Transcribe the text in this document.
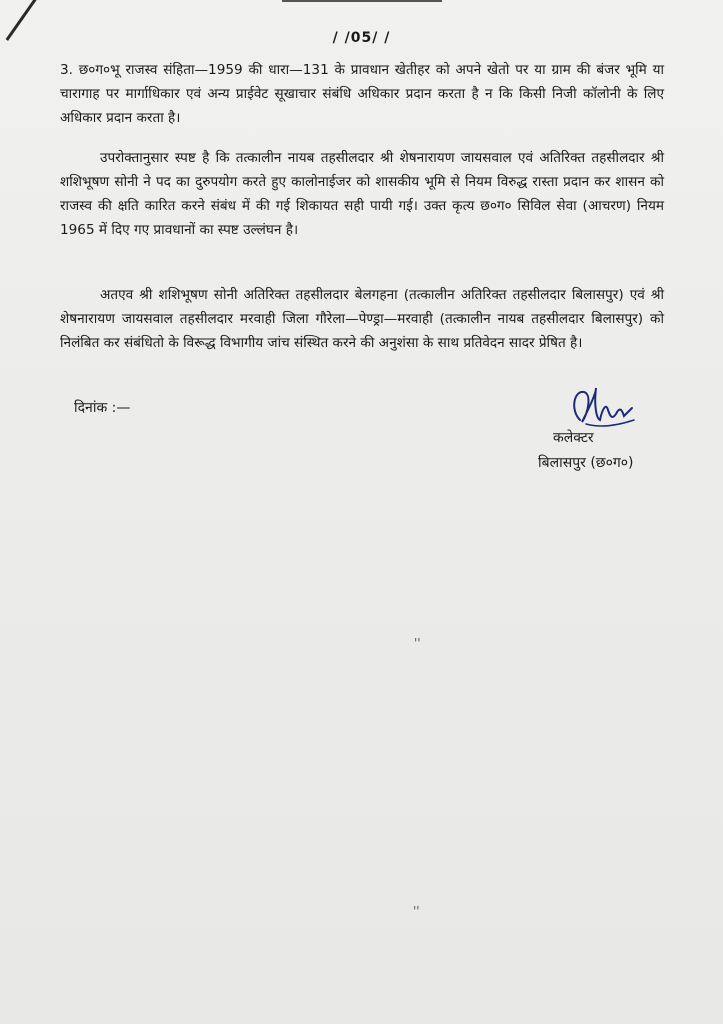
/ /05/ /

3. छ०ग०भू राजस्व संहिता—1959 की धारा—131 के प्रावधान खेतीहर को अपने खेतो पर या ग्राम की बंजर भूमि या चारागाह पर मार्गाधिकार एवं अन्य प्राईवेट सूखाचार संबंधि अधिकार प्रदान करता है न कि किसी निजी कॉलोनी के लिए अधिकार प्रदान करता है।

उपरोक्तानुसार स्पष्ट है कि तत्कालीन नायब तहसीलदार श्री शेषनारायण जायसवाल एवं अतिरिक्त तहसीलदार श्री शशिभूषण सोनी ने पद का दुरुपयोग करते हुए कालोनाईजर को शासकीय भूमि से नियम विरुद्ध रास्ता प्रदान कर शासन को राजस्व की क्षति कारित करने संबंध में की गई शिकायत सही पायी गई। उक्त कृत्य छ०ग० सिविल सेवा (आचरण) नियम 1965 में दिए गए प्रावधानों का स्पष्ट उल्लंघन है।

अतएव श्री शशिभूषण सोनी अतिरिक्त तहसीलदार बेलगहना (तत्कालीन अतिरिक्त तहसीलदार बिलासपुर) एवं श्री शेषनारायण जायसवाल तहसीलदार मरवाही जिला गौरेला—पेण्ड्रा—मरवाही (तत्कालीन नायब तहसीलदार बिलासपुर) को निलंबित कर संबंधितो के विरूद्ध विभागीय जांच संस्थित करने की अनुशंसा के साथ प्रतिवेदन सादर प्रेषित है।

दिनांक :—
कलेक्टर
बिलासपुर (छ०ग०)
''
''
